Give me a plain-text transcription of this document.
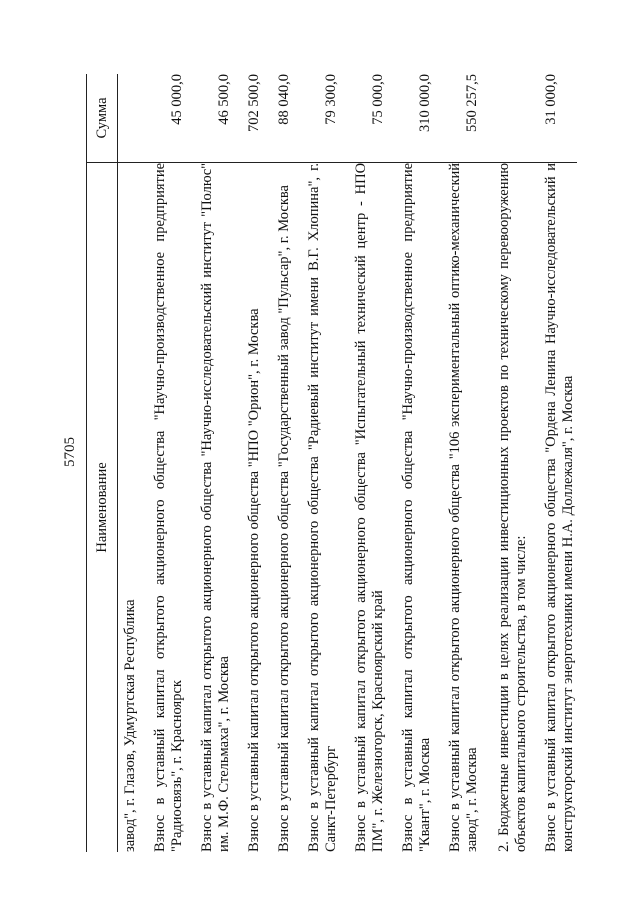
5705
Наименование	Сумма

завод", г. Глазов, Удмуртская Республика	

Взнос в уставный капитал открытого акционерного общества "Научно-производственное предприятие "Радиосвязь", г. Красноярск	45 000,0

Взнос в уставный капитал открытого акционерного общества "Научно-исследовательский институт "Полюс" им. М.Ф. Стельмаха", г. Москва	46 500,0

Взнос в уставный капитал открытого акционерного общества "НПО "Орион", г. Москва	702 500,0

Взнос в уставный капитал открытого акционерного общества "Государственный завод "Пульсар", г. Москва	88 040,0

Взнос в уставный капитал открытого акционерного общества "Радиевый институт имени В.Г. Хлопина", г. Санкт-Петербург	79 300,0

Взнос в уставный капитал открытого акционерного общества "Испытательный технический центр - НПО ПМ", г. Железногорск, Красноярский край	75 000,0

Взнос в уставный капитал открытого акционерного общества "Научно-производственное предприятие "Квант", г. Москва	310 000,0

Взнос в уставный капитал открытого акционерного общества "106 экспериментальный оптико-механический завод", г. Москва	550 257,5

2. Бюджетные инвестиции в целях реализации инвестиционных проектов по техническому перевооружению объектов капитального строительства, в том числе:	

Взнос в уставный капитал открытого акционерного общества "Ордена Ленина Научно-исследовательский и конструкторский институт энерготехники имени Н.А. Доллежаля", г. Москва	31 000,0
